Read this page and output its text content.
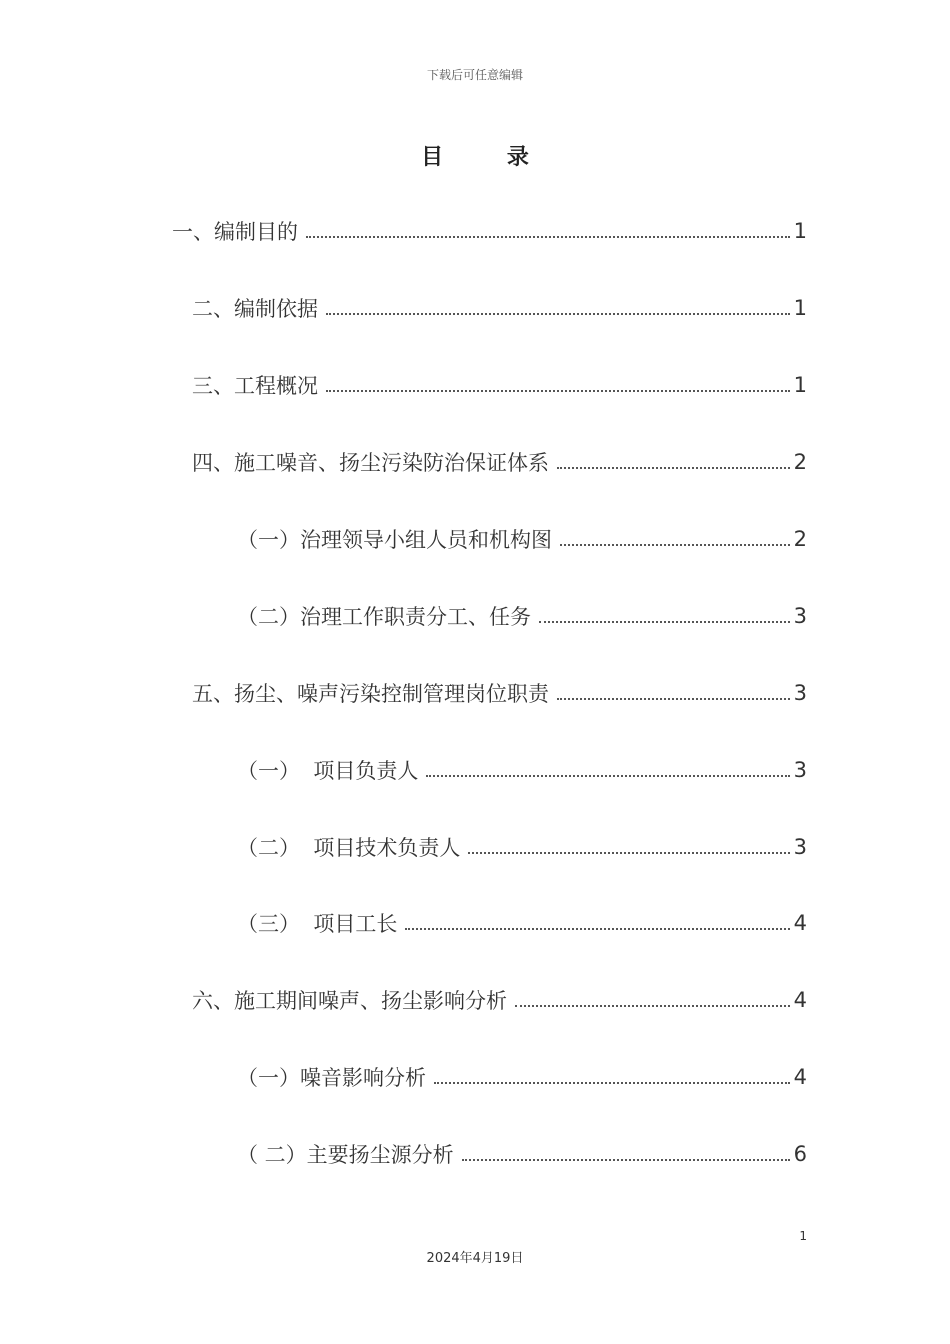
下载后可任意编辑
目 录
一、编制目的	1
二、编制依据	1
三、工程概况	1
四、施工噪音、扬尘污染防治保证体系	2
（一）治理领导小组人员和机构图	2
（二）治理工作职责分工、任务	3
五、扬尘、噪声污染控制管理岗位职责	3
（一）  项目负责人	3
（二）  项目技术负责人	3
（三）  项目工长	4
六、施工期间噪声、扬尘影响分析	4
（一）噪音影响分析	4
（ 二）主要扬尘源分析	6
1
2024年4月19日
